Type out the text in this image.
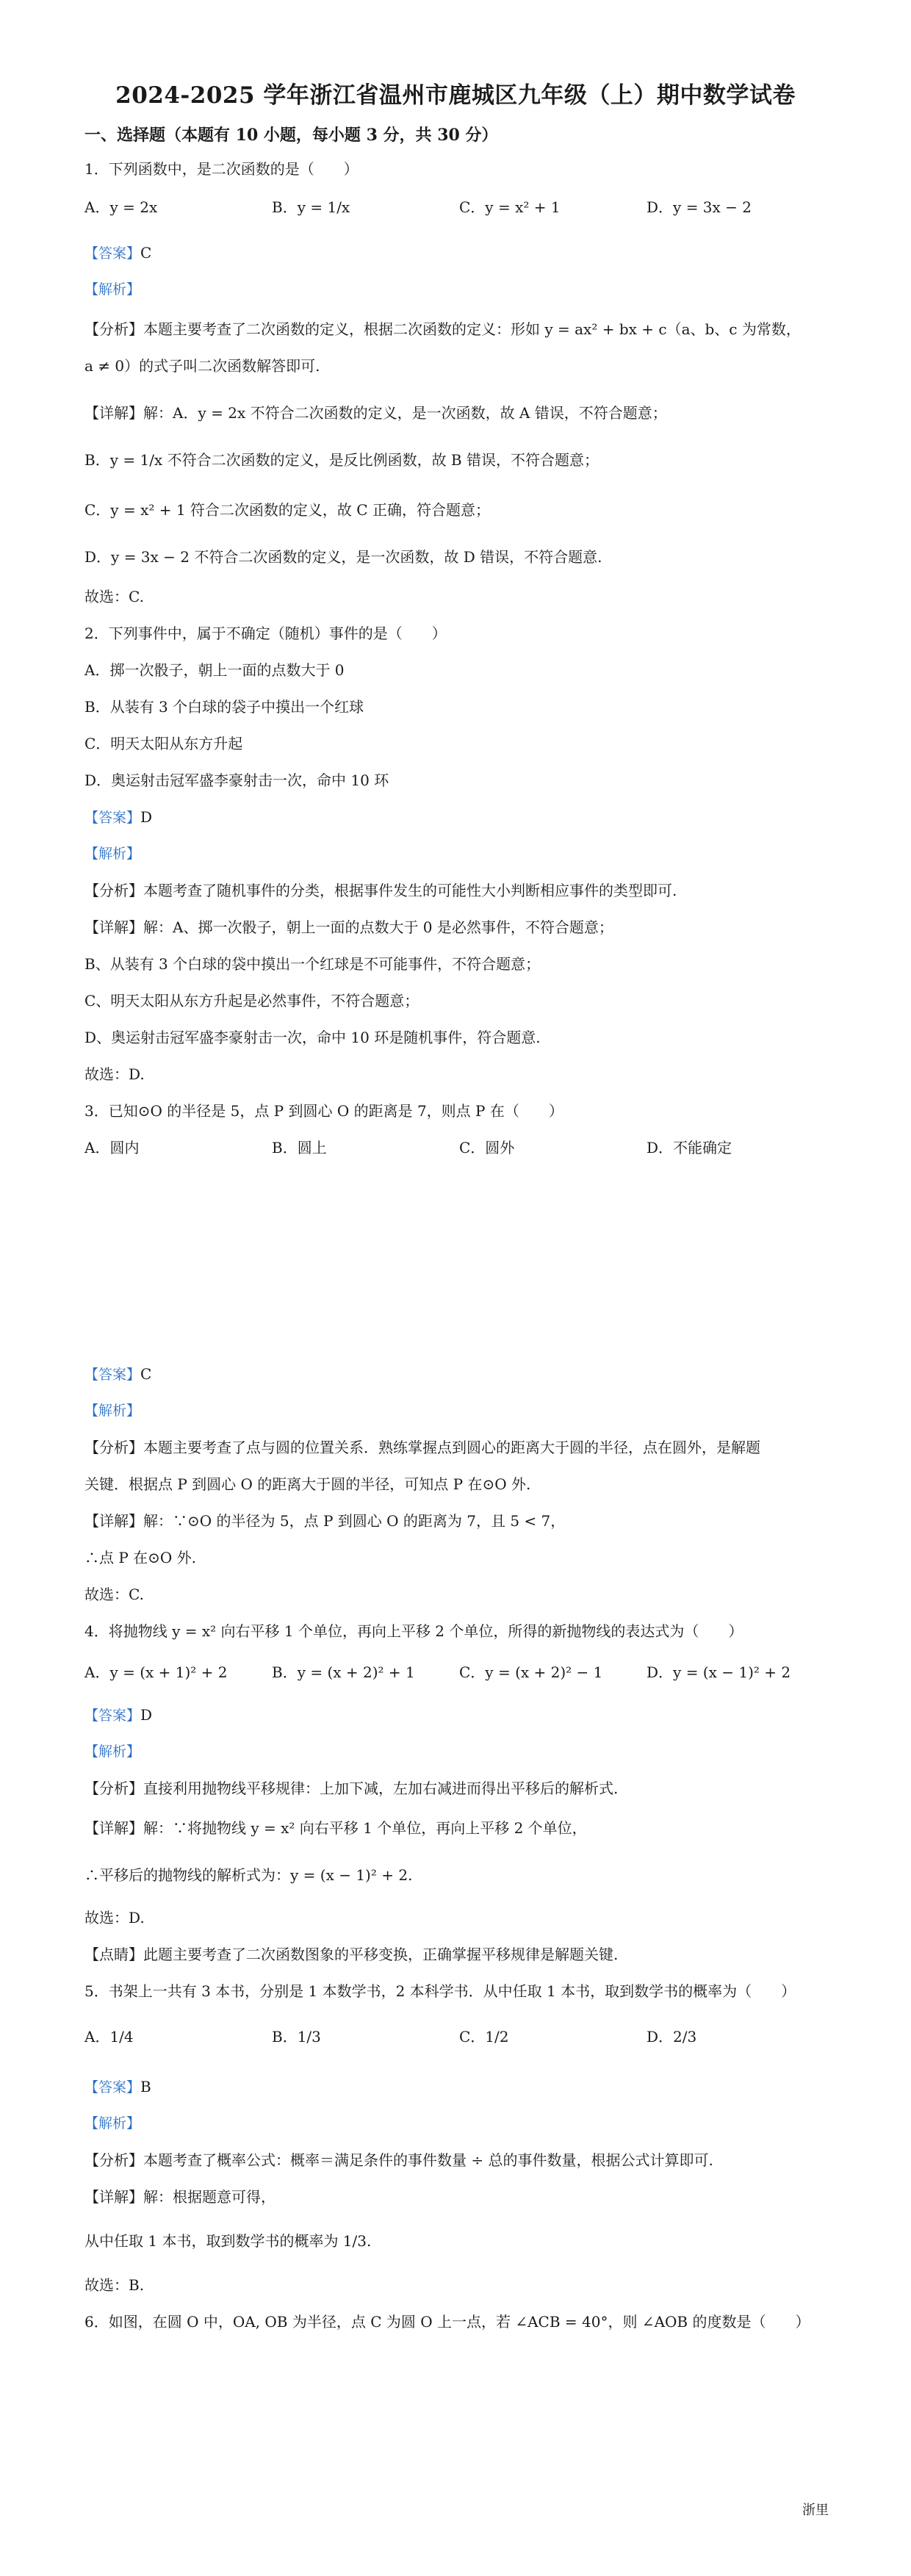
2024-2025 学年浙江省温州市鹿城区九年级（上）期中数学试卷
一、选择题（本题有 10 小题，每小题 3 分，共 30 分）
1．下列函数中，是二次函数的是（　　）
A．y = 2x	B．y = 1/x	C．y = x² + 1	D．y = 3x − 2
【答案】C
【解析】
【分析】本题主要考查了二次函数的定义，根据二次函数的定义：形如 y = ax² + bx + c（a、b、c 为常数，
a ≠ 0）的式子叫二次函数解答即可.
【详解】解：A．y = 2x 不符合二次函数的定义，是一次函数，故 A 错误，不符合题意；
B．y = 1/x 不符合二次函数的定义，是反比例函数，故 B 错误，不符合题意；
C．y = x² + 1 符合二次函数的定义，故 C 正确，符合题意；
D．y = 3x − 2 不符合二次函数的定义，是一次函数，故 D 错误，不符合题意.
故选：C.
2．下列事件中，属于不确定（随机）事件的是（　　）
A．掷一次骰子，朝上一面的点数大于 0
B．从装有 3 个白球的袋子中摸出一个红球
C．明天太阳从东方升起
D．奥运射击冠军盛李豪射击一次，命中 10 环
【答案】D
【解析】
【分析】本题考查了随机事件的分类，根据事件发生的可能性大小判断相应事件的类型即可.
【详解】解：A、掷一次骰子，朝上一面的点数大于 0 是必然事件，不符合题意；
B、从装有 3 个白球的袋中摸出一个红球是不可能事件，不符合题意；
C、明天太阳从东方升起是必然事件，不符合题意；
D、奥运射击冠军盛李豪射击一次，命中 10 环是随机事件，符合题意.
故选：D.
3．已知⊙O 的半径是 5，点 P 到圆心 O 的距离是 7，则点 P 在（　　）
A．圆内	B．圆上	C．圆外	D．不能确定
【答案】C
【解析】
【分析】本题主要考查了点与圆的位置关系．熟练掌握点到圆心的距离大于圆的半径，点在圆外，是解题
关键．根据点 P 到圆心 O 的距离大于圆的半径，可知点 P 在⊙O 外.
【详解】解：∵⊙O 的半径为 5，点 P 到圆心 O 的距离为 7，且 5 < 7，
∴点 P 在⊙O 外.
故选：C.
4．将抛物线 y = x² 向右平移 1 个单位，再向上平移 2 个单位，所得的新抛物线的表达式为（　　）
A．y = (x + 1)² + 2	B．y = (x + 2)² + 1	C．y = (x + 2)² − 1	D．y = (x − 1)² + 2
【答案】D
【解析】
【分析】直接利用抛物线平移规律：上加下减，左加右减进而得出平移后的解析式.
【详解】解：∵将抛物线 y = x² 向右平移 1 个单位，再向上平移 2 个单位，
∴平移后的抛物线的解析式为：y = (x − 1)² + 2.
故选：D.
【点睛】此题主要考查了二次函数图象的平移变换，正确掌握平移规律是解题关键.
5．书架上一共有 3 本书，分别是 1 本数学书，2 本科学书．从中任取 1 本书，取到数学书的概率为（　　）
A．1/4	B．1/3	C．1/2	D．2/3
【答案】B
【解析】
【分析】本题考查了概率公式：概率＝满足条件的事件数量 ÷ 总的事件数量，根据公式计算即可.
【详解】解：根据题意可得，
从中任取 1 本书，取到数学书的概率为 1/3.
故选：B.
6．如图，在圆 O 中，OA, OB 为半径，点 C 为圆 O 上一点，若 ∠ACB = 40°，则 ∠AOB 的度数是（　　）
浙里
